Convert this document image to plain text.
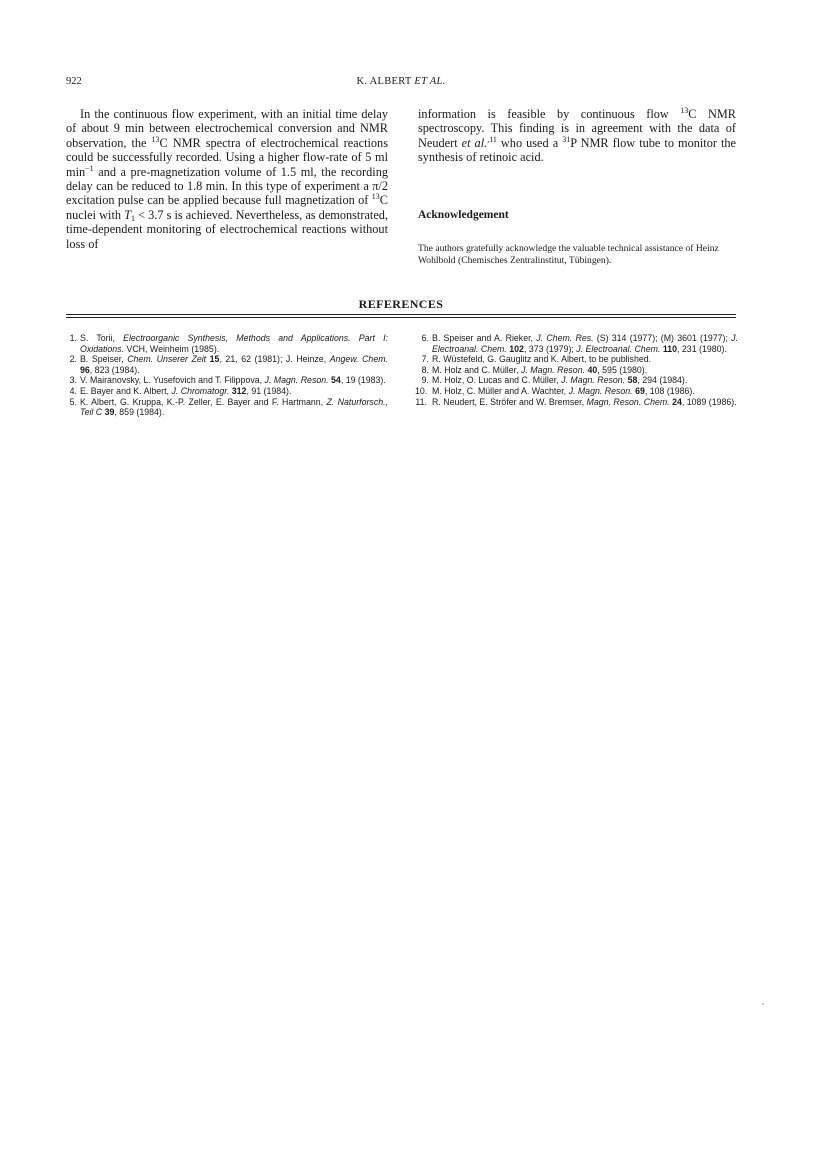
922	K. ALBERT ET AL.

In the continuous flow experiment, with an initial time delay of about 9 min between electrochemical conversion and NMR observation, the $^{13}$C NMR spectra of electrochemical reactions could be successfully recorded. Using a higher flow-rate of 5 ml $\min^{-1}$ and a pre-magnetization volume of 1.5 ml, the recording delay can be reduced to 1.8 min. In this type of experiment a π/2 excitation pulse can be applied because full magnetization of $^{13}$C nuclei with $T_1 < 3.7$ s is achieved. Nevertheless, as demonstrated, time-dependent monitoring of electrochemical reactions without loss of

information is feasible by continuous flow $^{13}$C NMR spectroscopy. This finding is in agreement with the data of Neudert et al.$^{,11}$ who used a $^{31}$P NMR flow tube to monitor the synthesis of retinoic acid.

Acknowledgement
The authors gratefully acknowledge the valuable technical assistance of Heinz Wohlbold (Chemisches Zentralinstitut, Tübingen).
REFERENCES
1. S. Torii, Electroorganic Synthesis, Methods and Applications. Part I: Oxidations. VCH, Weinheim (1985).
2. B. Speiser, Chem. Unserer Zeit 15, 21, 62 (1981); J. Heinze, Angew. Chem. 96, 823 (1984).
3. V. Mairanovsky, L. Yusefovich and T. Filippova, J. Magn. Reson. 54, 19 (1983).
4. E. Bayer and K. Albert, J. Chromatogr. 312, 91 (1984).
5. K. Albert, G. Kruppa, K.-P. Zeller, E. Bayer and F. Hartmann, Z. Naturforsch., Teil C 39, 859 (1984).
6. B. Speiser and A. Rieker, J. Chem. Res. (S) 314 (1977); (M) 3601 (1977); J. Electroanal. Chem. 102, 373 (1979); J. Electroanal. Chem. 110, 231 (1980).
7. R. Wüstefeld, G. Gauglitz and K. Albert, to be published.
8. M. Holz and C. Müller, J. Magn. Reson. 40, 595 (1980).
9. M. Holz, O. Lucas and C. Müller, J. Magn. Reson. 58, 294 (1984).
10. M. Holz, C. Müller and A. Wachter, J. Magn. Reson. 69, 108 (1986).
11. R. Neudert, E. Ströfer and W. Bremser, Magn. Reson. Chem. 24, 1089 (1986).
